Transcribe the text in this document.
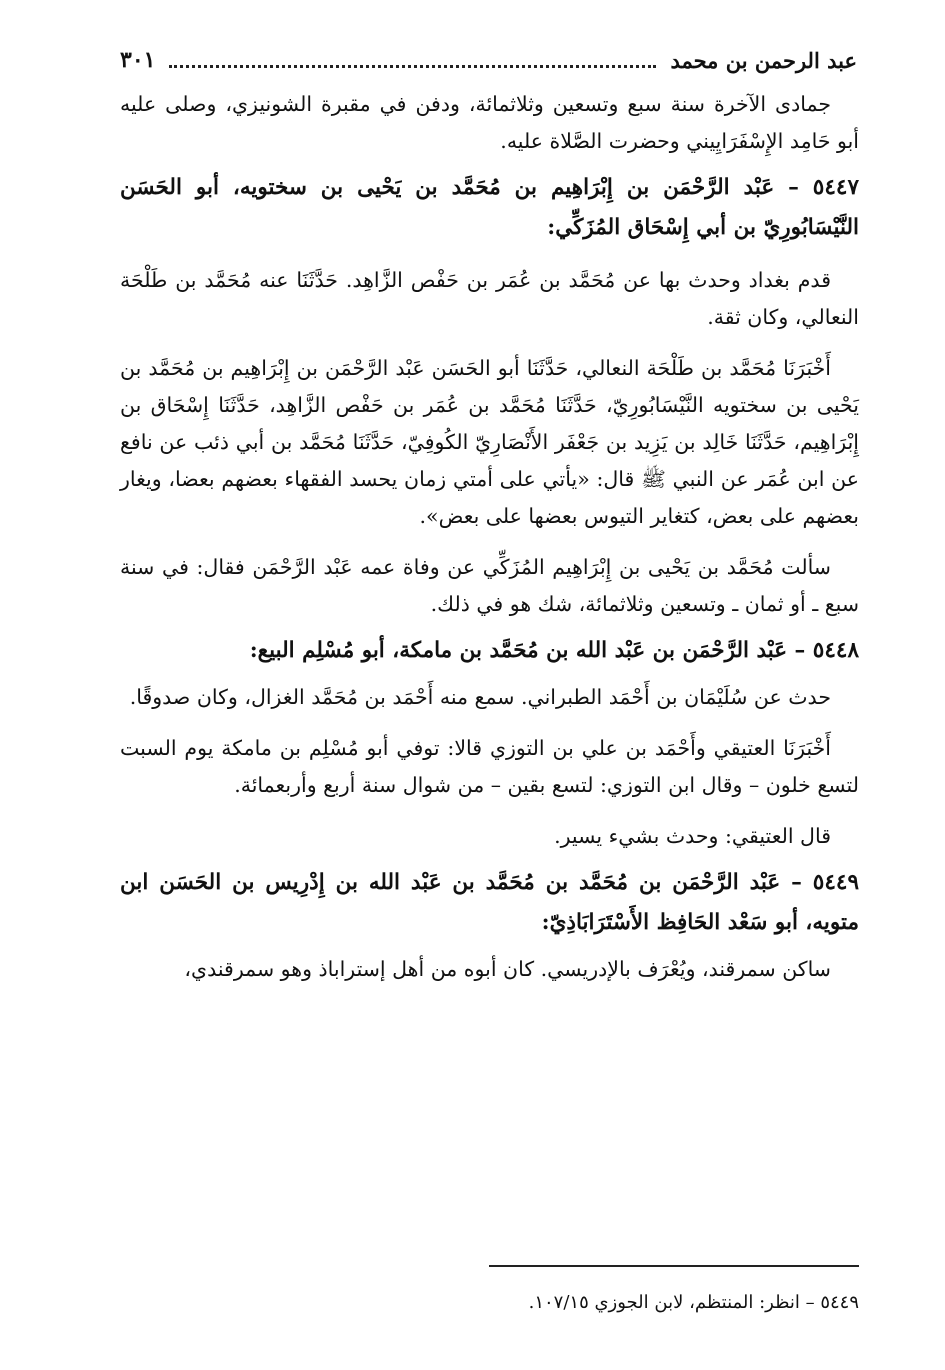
عبد الرحمن بن محمد
٣٠١

جمادى الآخرة سنة سبع وتسعين وثلاثمائة، ودفن في مقبرة الشونيزي، وصلى عليه أبو حَامِد الإِسْفَرَايِيني وحضرت الصَّلاة عليه.

٥٤٤٧ – عَبْد الرَّحْمَن بن إِبْرَاهِيم بن مُحَمَّد بن يَحْيى بن سختويه، أبو الحَسَن النَّيْسَابُورِيّ بن أبي إِسْحَاق المُزَكِّي:

قدم بغداد وحدث بها عن مُحَمَّد بن عُمَر بن حَفْص الزَّاهِد. حَدَّثَنَا عنه مُحَمَّد بن طَلْحَة النعالي، وكان ثقة.

أَخْبَرَنَا مُحَمَّد بن طَلْحَة النعالي، حَدَّثَنَا أبو الحَسَن عَبْد الرَّحْمَن بن إِبْرَاهِيم بن مُحَمَّد بن يَحْيى بن سختويه النَّيْسَابُورِيّ، حَدَّثَنَا مُحَمَّد بن عُمَر بن حَفْص الزَّاهِد، حَدَّثَنَا إِسْحَاق بن إِبْرَاهِيم، حَدَّثَنَا خَالِد بن يَزِيد بن جَعْفَر الأَنْصَارِيّ الكُوفِيّ، حَدَّثَنَا مُحَمَّد بن أبي ذئب عن نافع عن ابن عُمَر عن النبي ﷺ قال: «يأتي على أمتي زمان يحسد الفقهاء بعضهم بعضا، ويغار بعضهم على بعض، كتغاير التيوس بعضها على بعض».

سألت مُحَمَّد بن يَحْيى بن إِبْرَاهِيم المُزَكِّي عن وفاة عمه عَبْد الرَّحْمَن فقال: في سنة سبع ـ أو ثمان ـ وتسعين وثلاثمائة، شك هو في ذلك.

٥٤٤٨ – عَبْد الرَّحْمَن بن عَبْد الله بن مُحَمَّد بن مامكة، أبو مُسْلِم البيع:

حدث عن سُلَيْمَان بن أَحْمَد الطبراني. سمع منه أَحْمَد بن مُحَمَّد الغزال، وكان صدوقًا.

أَخْبَرَنَا العتيقي وأَحْمَد بن علي بن التوزي قالا: توفي أبو مُسْلِم بن مامكة يوم السبت لتسع خلون – وقال ابن التوزي: لتسع بقين – من شوال سنة أربع وأربعمائة.

قال العتيقي: وحدث بشيء يسير.

٥٤٤٩ – عَبْد الرَّحْمَن بن مُحَمَّد بن مُحَمَّد بن عَبْد الله بن إِدْرِيس بن الحَسَن ابن متويه، أبو سَعْد الحَافِظ الأَسْتَرَابَاذِيّ:

ساكن سمرقند، ويُعْرَف بالإدريسي. كان أبوه من أهل إستراباذ وهو سمرقندي،

٥٤٤٩ – انظر: المنتظم، لابن الجوزي ١٠٧/١٥.
